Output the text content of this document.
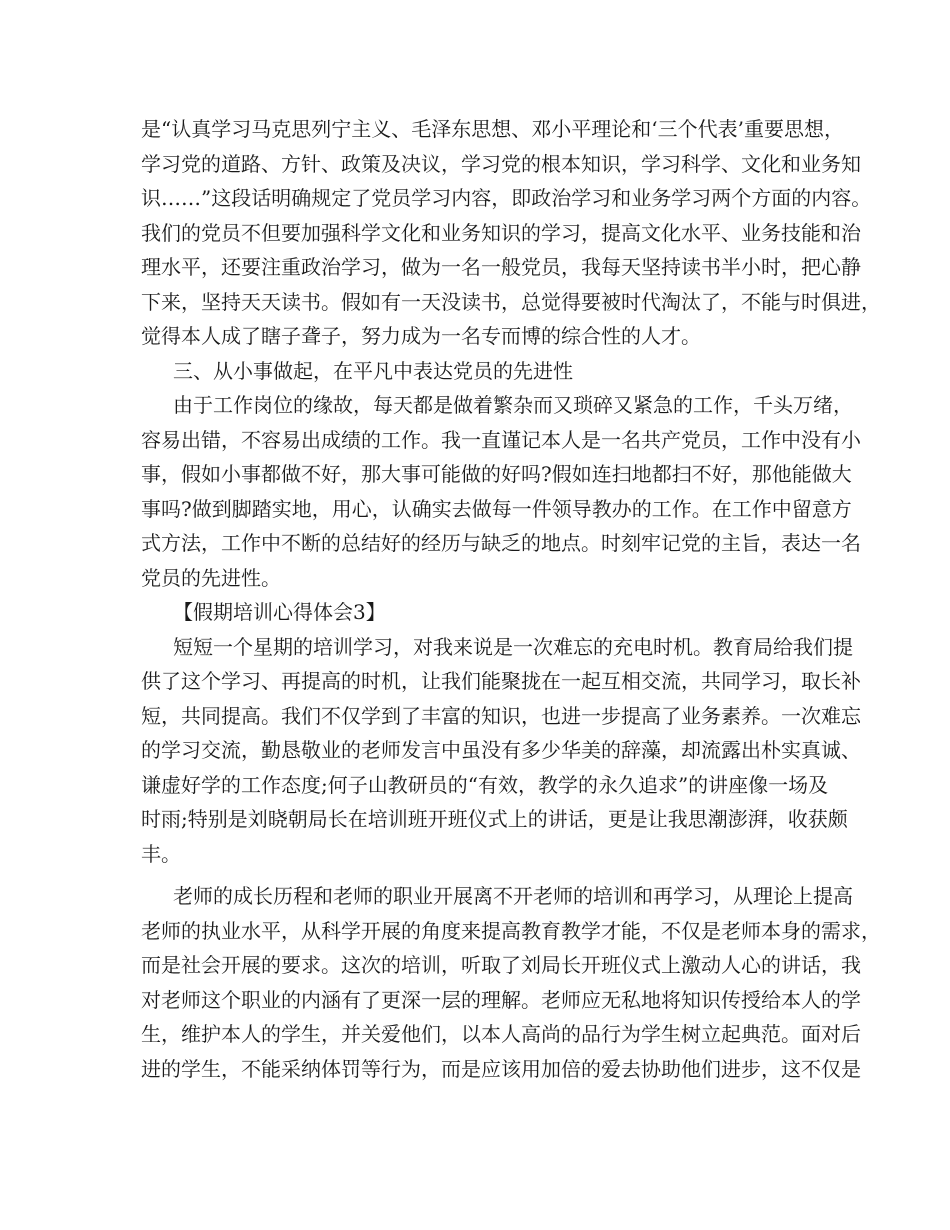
是“认真学习马克思列宁主义、毛泽东思想、邓小平理论和‘三个代表’重要思想，
学习党的道路、方针、政策及决议，学习党的根本知识，学习科学、文化和业务知
识……”这段话明确规定了党员学习内容，即政治学习和业务学习两个方面的内容。
我们的党员不但要加强科学文化和业务知识的学习，提高文化水平、业务技能和治
理水平，还要注重政治学习，做为一名一般党员，我每天坚持读书半小时，把心静
下来，坚持天天读书。假如有一天没读书，总觉得要被时代淘汰了，不能与时俱进，
觉得本人成了瞎子聋子，努力成为一名专而博的综合性的人才。
三、从小事做起，在平凡中表达党员的先进性
由于工作岗位的缘故，每天都是做着繁杂而又琐碎又紧急的工作，千头万绪，
容易出错，不容易出成绩的工作。我一直谨记本人是一名共产党员，工作中没有小
事，假如小事都做不好，那大事可能做的好吗?假如连扫地都扫不好，那他能做大
事吗?做到脚踏实地，用心，认确实去做每一件领导教办的工作。在工作中留意方
式方法，工作中不断的总结好的经历与缺乏的地点。时刻牢记党的主旨，表达一名
党员的先进性。
【假期培训心得体会3】
短短一个星期的培训学习，对我来说是一次难忘的充电时机。教育局给我们提
供了这个学习、再提高的时机，让我们能聚拢在一起互相交流，共同学习，取长补
短，共同提高。我们不仅学到了丰富的知识，也进一步提高了业务素养。一次难忘
的学习交流，勤恳敬业的老师发言中虽没有多少华美的辞藻，却流露出朴实真诚、
谦虚好学的工作态度;何子山教研员的“有效，教学的永久追求”的讲座像一场及
时雨;特别是刘晓朝局长在培训班开班仪式上的讲话，更是让我思潮澎湃，收获颇
丰。
老师的成长历程和老师的职业开展离不开老师的培训和再学习，从理论上提高
老师的执业水平，从科学开展的角度来提高教育教学才能，不仅是老师本身的需求，
而是社会开展的要求。这次的培训，听取了刘局长开班仪式上激动人心的讲话，我
对老师这个职业的内涵有了更深一层的理解。老师应无私地将知识传授给本人的学
生，维护本人的学生，并关爱他们，以本人高尚的品行为学生树立起典范。面对后
进的学生，不能采纳体罚等行为，而是应该用加倍的爱去协助他们进步，这不仅是
